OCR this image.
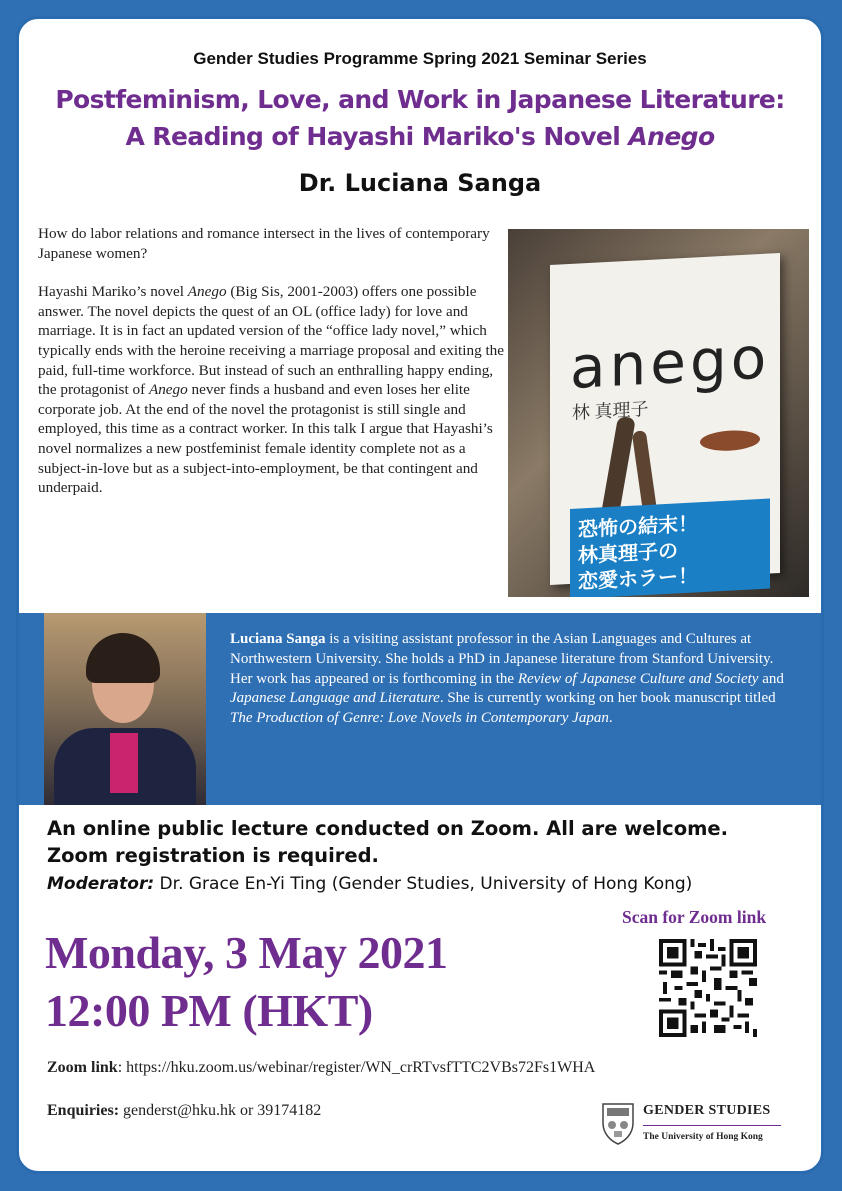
Gender Studies Programme Spring 2021 Seminar Series
Postfeminism, Love, and Work in Japanese Literature:
A Reading of Hayashi Mariko's Novel Anego
Dr. Luciana Sanga

How do labor relations and romance intersect in the lives of contemporary Japanese women?

Hayashi Mariko’s novel Anego (Big Sis, 2001-2003) offers one possible answer. The novel depicts the quest of an OL (office lady) for love and marriage. It is in fact an updated version of the “office lady novel,” which typically ends with the heroine receiving a marriage proposal and exiting the paid, full-time workforce. But instead of such an enthralling happy ending, the protagonist of Anego never finds a husband and even loses her elite corporate job. At the end of the novel the protagonist is still single and employed, this time as a contract worker. In this talk I argue that Hayashi’s novel normalizes a new postfeminist female identity complete not as a subject-in-love but as a subject-into-employment, be that contingent and underpaid.

anego
林 真理子
恐怖の結末！
林真理子の
恋愛ホラー！
Luciana Sanga is a visiting assistant professor in the Asian Languages and Cultures at Northwestern University. She holds a PhD in Japanese literature from Stanford University. Her work has appeared or is forthcoming in the Review of Japanese Culture and Society and Japanese Language and Literature. She is currently working on her book manuscript titled The Production of Genre: Love Novels in Contemporary Japan.
An online public lecture conducted on Zoom. All are welcome.
Zoom registration is required.
Moderator: Dr. Grace En-Yi Ting (Gender Studies, University of Hong Kong)
Scan for Zoom link
Monday, 3 May 2021
12:00 PM (HKT)
Zoom link: https://hku.zoom.us/webinar/register/WN_crRTvsfTTC2VBs72Fs1WHA
Enquiries: genderst@hku.hk or 39174182	GENDER STUDIES
The University of Hong Kong
